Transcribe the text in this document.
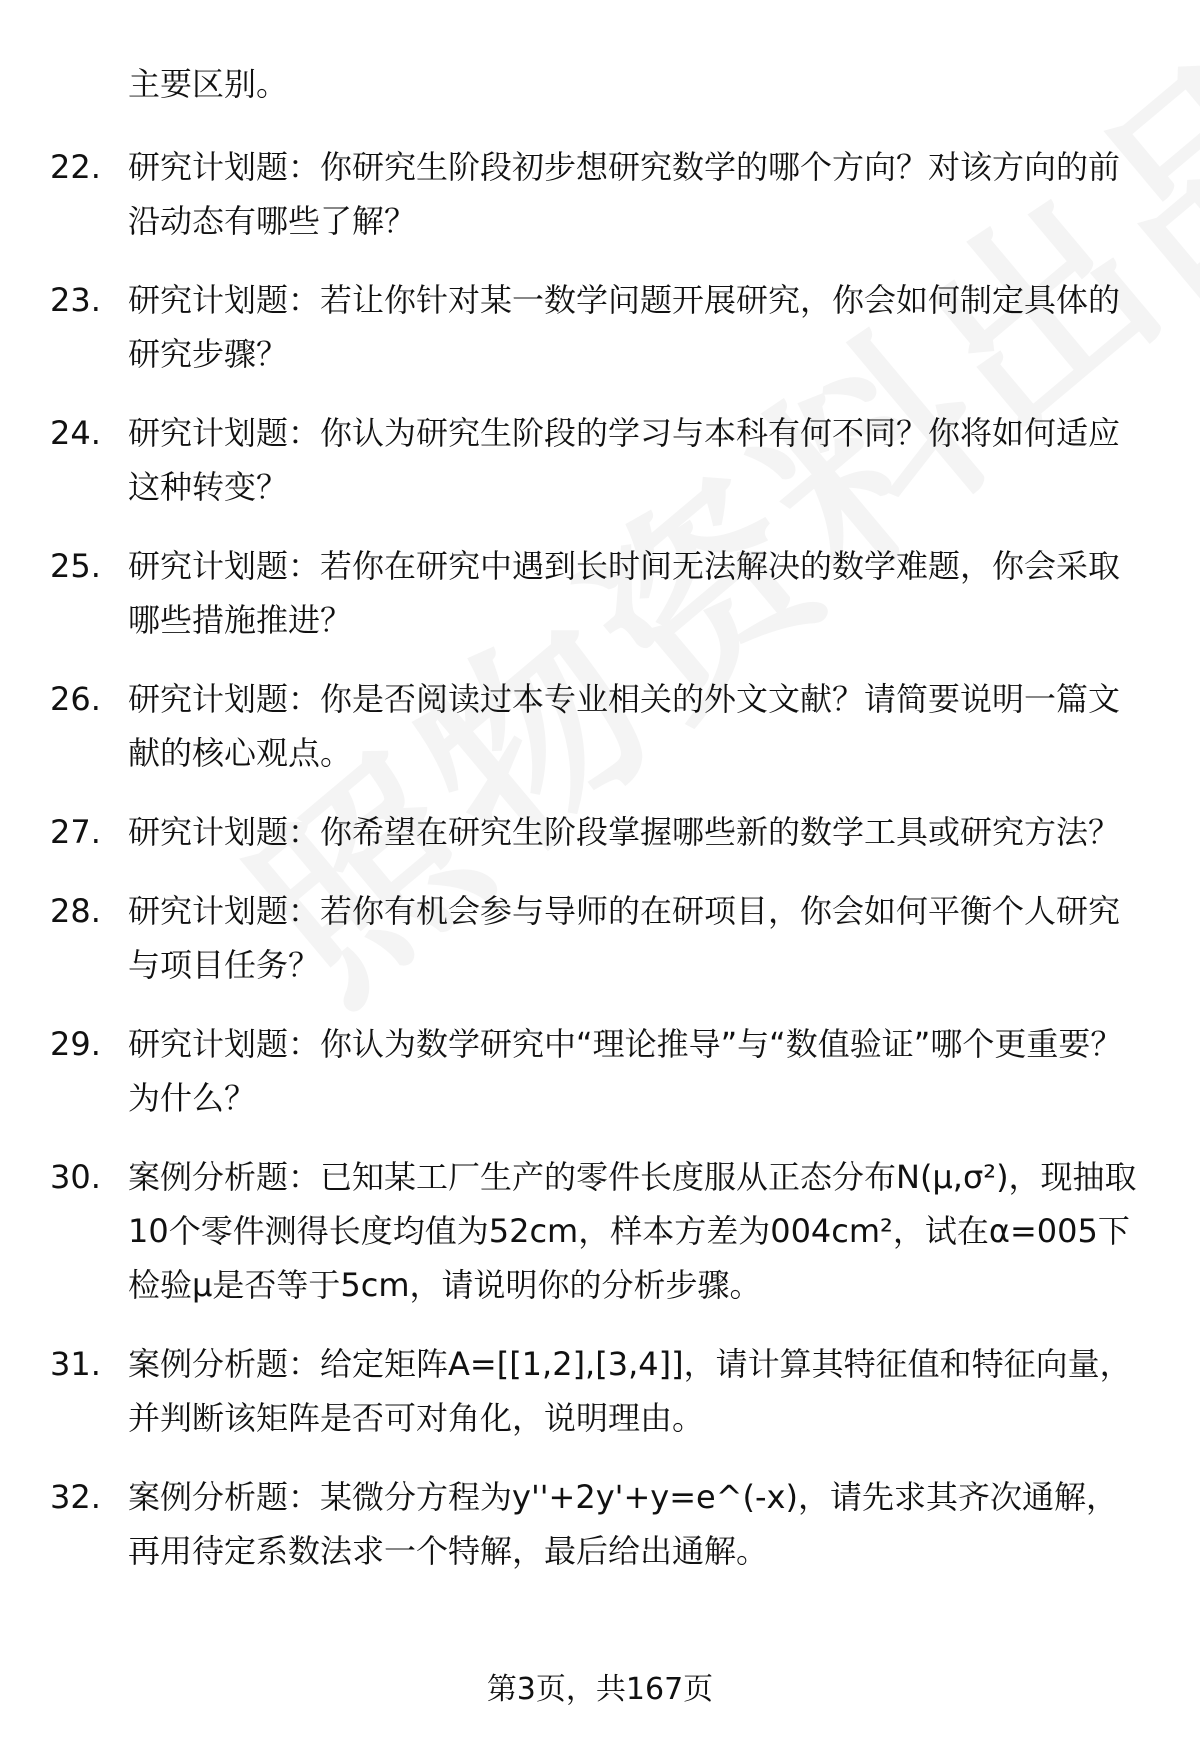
主要区别。

22. 研究计划题：你研究生阶段初步想研究数学的哪个方向？对该方向的前沿动态有哪些了解？
23. 研究计划题：若让你针对某一数学问题开展研究，你会如何制定具体的研究步骤？
24. 研究计划题：你认为研究生阶段的学习与本科有何不同？你将如何适应这种转变？
25. 研究计划题：若你在研究中遇到长时间无法解决的数学难题，你会采取哪些措施推进？
26. 研究计划题：你是否阅读过本专业相关的外文文献？请简要说明一篇文献的核心观点。
27. 研究计划题：你希望在研究生阶段掌握哪些新的数学工具或研究方法？
28. 研究计划题：若你有机会参与导师的在研项目，你会如何平衡个人研究与项目任务？
29. 研究计划题：你认为数学研究中“理论推导”与“数值验证”哪个更重要？为什么？
30. 案例分析题：已知某工厂生产的零件长度服从正态分布N(μ,σ²)，现抽取10个零件测得长度均值为52cm，样本方差为004cm²，试在α=005下检验μ是否等于5cm，请说明你的分析步骤。
31. 案例分析题：给定矩阵A=[[1,2],[3,4]]，请计算其特征值和特征向量，并判断该矩阵是否可对角化，说明理由。
32. 案例分析题：某微分方程为y''+2y'+y=e^(-x)，请先求其齐次通解，再用待定系数法求一个特解，最后给出通解。
第3页，共167页
